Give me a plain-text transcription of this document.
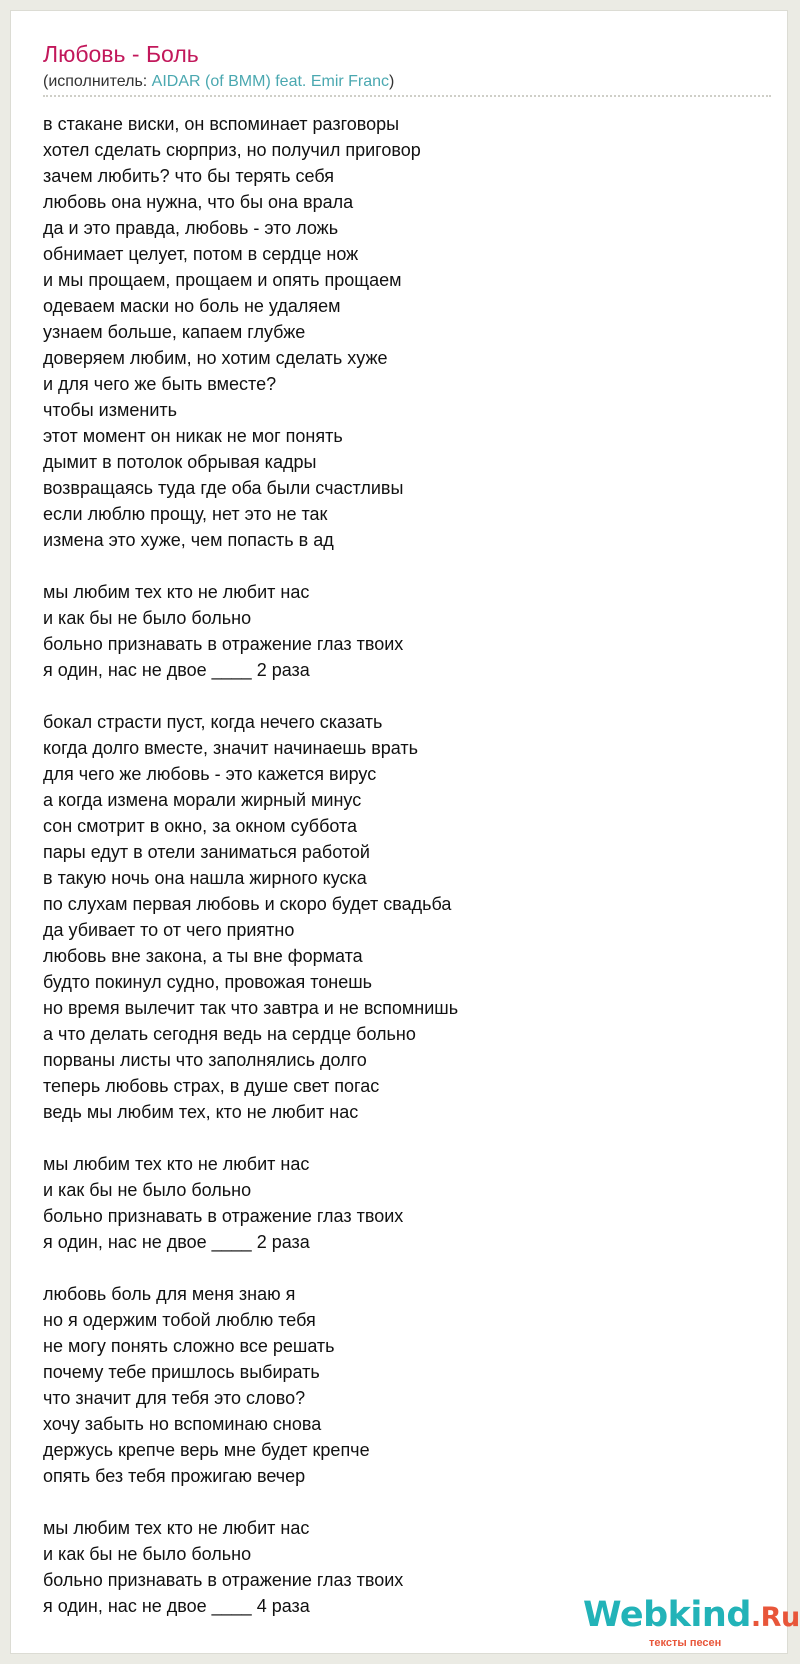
Любовь - Боль
(исполнитель: AIDAR (of BMM) feat. Emir Franc)
в стакане виски, он вспоминает разговоры
хотел сделать сюрприз, но получил приговор
зачем любить? что бы терять себя
любовь она нужна, что бы она врала
да и это правда, любовь - это ложь
обнимает целует, потом в сердце нож
и мы прощаем, прощаем и опять прощаем
одеваем маски но боль не удаляем
узнаем больше, капаем глубже
доверяем любим, но хотим сделать хуже
и для чего же быть вместе?
чтобы изменить
этот момент он никак не мог понять
дымит в потолок обрывая кадры
возвращаясь туда где оба были счастливы
если люблю прощу, нет это не так
измена это хуже, чем попасть в ад
мы любим тех кто не любит нас
и как бы не было больно
больно признавать в отражение глаз твоих
я один, нас не двое ____ 2 раза
бокал страсти пуст, когда нечего сказать
когда долго вместе, значит начинаешь врать
для чего же любовь - это кажется вирус
а когда измена морали жирный минус
сон смотрит в окно, за окном суббота
пары едут в отели заниматься работой
в такую ночь она нашла жирного куска
по слухам первая любовь и скоро будет свадьба
да убивает то от чего приятно
любовь вне закона, а ты вне формата
будто покинул судно, провожая тонешь
но время вылечит так что завтра и не вспомнишь
а что делать сегодня ведь на сердце больно
порваны листы что заполнялись долго
теперь любовь страх, в душе свет погас
ведь мы любим тех, кто не любит нас
мы любим тех кто не любит нас
и как бы не было больно
больно признавать в отражение глаз твоих
я один, нас не двое ____ 2 раза
любовь боль для меня знаю я
но я одержим тобой люблю тебя
не могу понять сложно все решать
почему тебе пришлось выбирать
что значит для тебя это слово?
хочу забыть но вспоминаю снова
держусь крепче верь мне будет крепче
опять без тебя прожигаю вечер
мы любим тех кто не любит нас
и как бы не было больно
больно признавать в отражение глаз твоих
я один, нас не двое ____ 4 раза	Webkind.Ru
тексты песен
